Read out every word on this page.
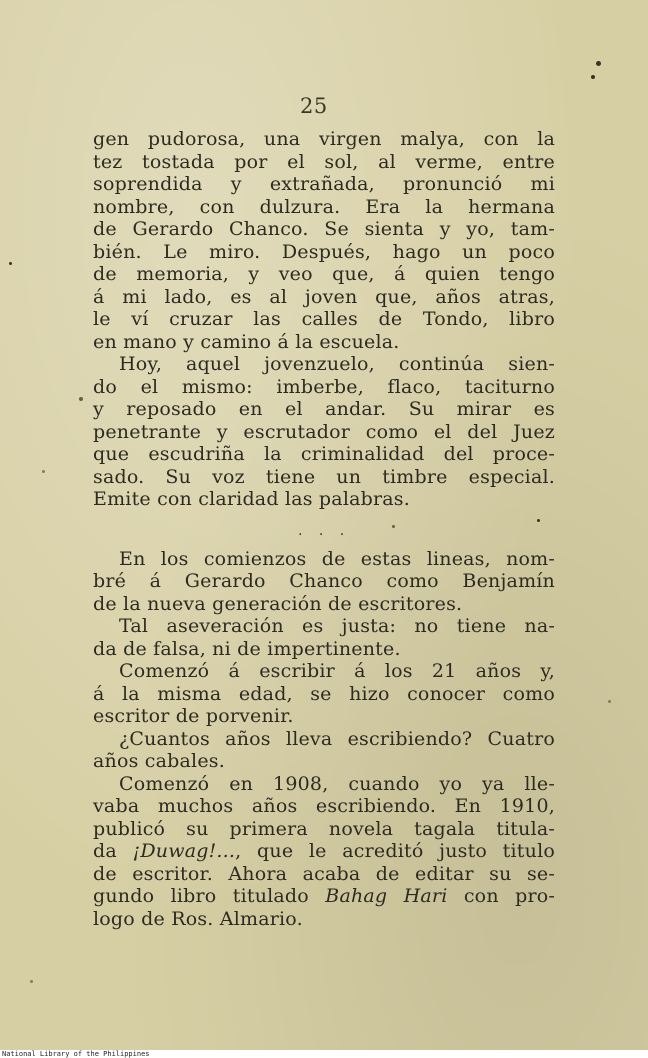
25
gen pudorosa, una virgen malya, con la
tez tostada por el sol, al verme, entre
soprendida y extrañada, pronunció mi
nombre, con dulzura. Era la hermana
de Gerardo Chanco. Se sienta y yo, tam-
bién. Le miro. Después, hago un poco
de memoria, y veo que, á quien tengo
á mi lado, es al joven que, años atras,
le ví cruzar las calles de Tondo, libro
en mano y camino á la escuela.
Hoy, aquel jovenzuelo, continúa sien-
do el mismo: imberbe, flaco, taciturno
y reposado en el andar. Su mirar es
penetrante y escrutador como el del Juez
que escudriña la criminalidad del proce-
sado. Su voz tiene un timbre especial.
Emite con claridad las palabras.
. . .
En los comienzos de estas lineas, nom-
bré á Gerardo Chanco como Benjamín
de la nueva generación de escritores.
Tal aseveración es justa: no tiene na-
da de falsa, ni de impertinente.
Comenzó á escribir á los 21 años y,
á la misma edad, se hizo conocer como
escritor de porvenir.
¿Cuantos años lleva escribiendo? Cuatro
años cabales.
Comenzó en 1908, cuando yo ya lle-
vaba muchos años escribiendo. En 1910,
publicó su primera novela tagala titula-
da ¡Duwag!..., que le acreditó justo titulo
de escritor. Ahora acaba de editar su se-
gundo libro titulado Bahag Hari con pro-
logo de Ros. Almario.
National Library of the Philippines
